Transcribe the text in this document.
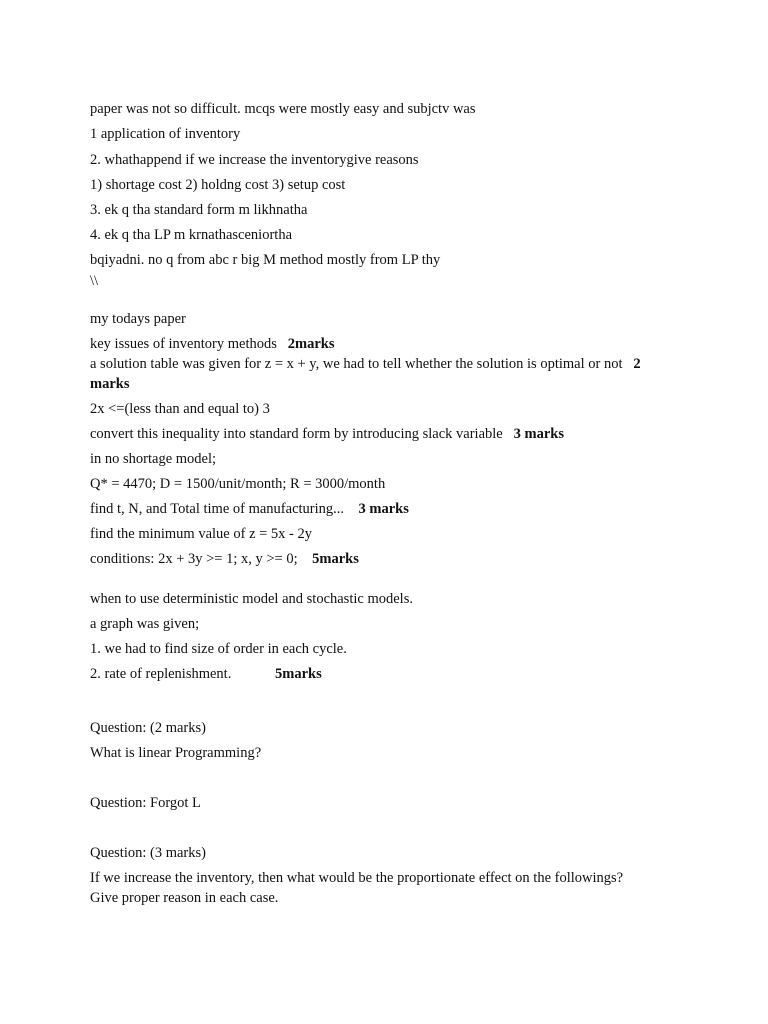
paper was not so difficult. mcqs were mostly easy and subjctv was
1 application of inventory
2. whathappend if we increase the inventorygive reasons
1) shortage cost 2) holdng cost 3) setup cost
3. ek q tha standard form m likhnatha
4. ek q tha LP m krnathasceniortha
bqiyadni. no q from abc r big M method mostly from LP thy
\\
my todays paper
key issues of inventory methods 2marks
a solution table was given for z = x + y, we had to tell whether the solution is optimal or not 2
marks
2x <=(less than and equal to) 3
convert this inequality into standard form by introducing slack variable 3 marks
in no shortage model;
Q* = 4470; D = 1500/unit/month; R = 3000/month
find t, N, and Total time of manufacturing... 3 marks
find the minimum value of z = 5x - 2y
conditions: 2x + 3y >= 1; x, y >= 0; 5marks
when to use deterministic model and stochastic models.
a graph was given;
1. we had to find size of order in each cycle.
2. rate of replenishment.	5marks
Question: (2 marks)
What is linear Programming?
Question: Forgot L
Question: (3 marks)
If we increase the inventory, then what would be the proportionate effect on the followings?
Give proper reason in each case.
